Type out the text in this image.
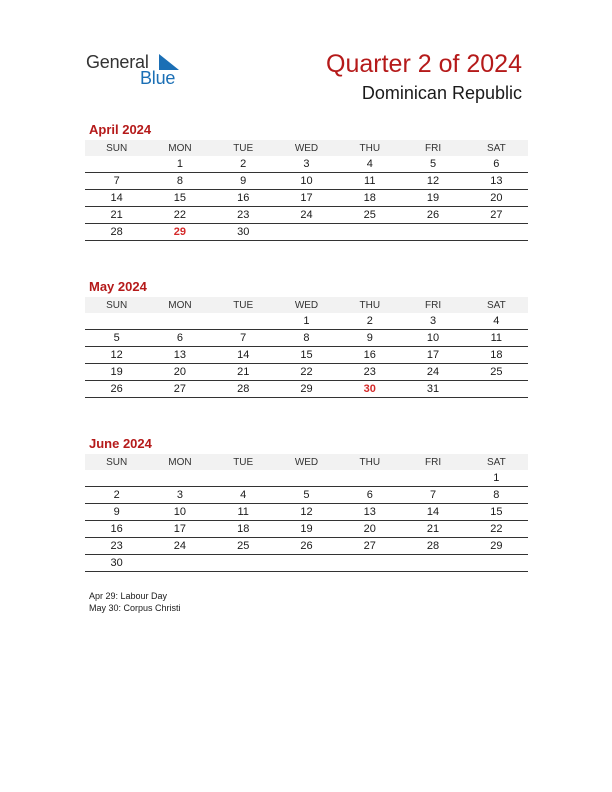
General
Blue	Quarter 2 of 2024
Dominican Republic
April 2024
SUN	MON	TUE	WED	THU	FRI	SAT
	1	2	3	4	5	6
7	8	9	10	11	12	13
14	15	16	17	18	19	20
21	22	23	24	25	26	27
28	29	30				
May 2024
SUN	MON	TUE	WED	THU	FRI	SAT
			1	2	3	4
5	6	7	8	9	10	11
12	13	14	15	16	17	18
19	20	21	22	23	24	25
26	27	28	29	30	31	
June 2024
SUN	MON	TUE	WED	THU	FRI	SAT
						1
2	3	4	5	6	7	8
9	10	11	12	13	14	15
16	17	18	19	20	21	22
23	24	25	26	27	28	29
30						
Apr 29: Labour Day
May 30: Corpus Christi
